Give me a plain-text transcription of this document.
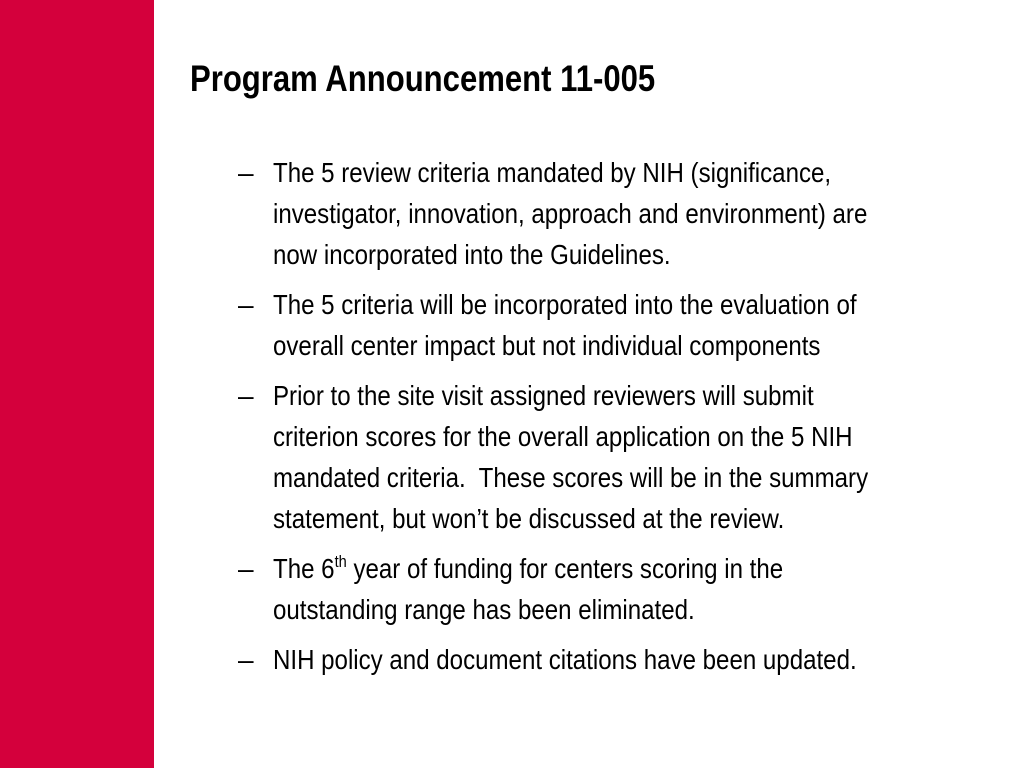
Program Announcement 11-005
– The 5 review criteria mandated by NIH (significance,
investigator, innovation, approach and environment) are
now incorporated into the Guidelines.
– The 5 criteria will be incorporated into the evaluation of
overall center impact but not individual components
– Prior to the site visit assigned reviewers will submit
criterion scores for the overall application on the 5 NIH
mandated criteria.  These scores will be in the summary
statement, but won’t be discussed at the review.
– The 6th year of funding for centers scoring in the
outstanding range has been eliminated.
– NIH policy and document citations have been updated.
